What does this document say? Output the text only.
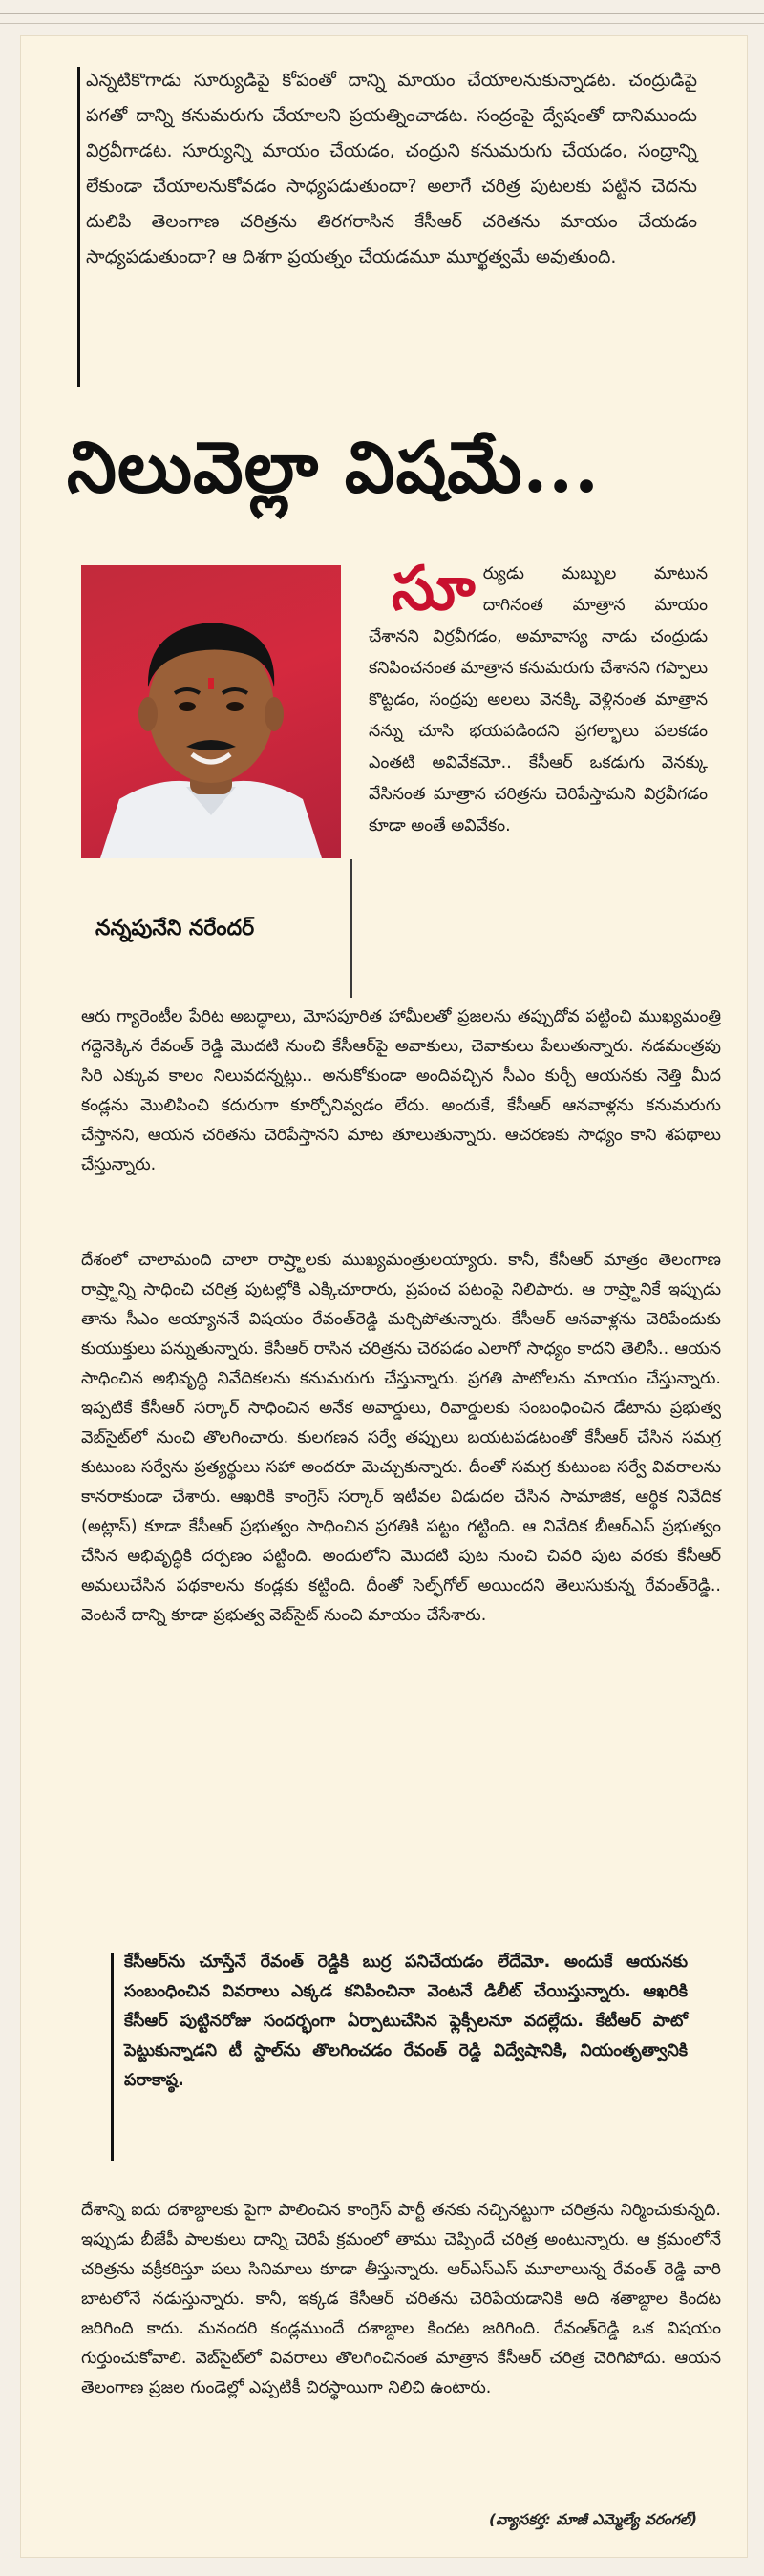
ఎన్నటికొగాడు సూర్యుడిపై కోపంతో దాన్ని మాయం చేయాలనుకున్నాడట. చంద్రుడిపై పగతో దాన్ని కనుమరుగు చేయాలని ప్రయత్నించాడట. సంద్రంపై ద్వేషంతో దానిముందు విర్రవీగాడట. సూర్యున్ని మాయం చేయడం, చంద్రుని కనుమరుగు చేయడం, సంద్రాన్ని లేకుండా చేయాలనుకోవడం సాధ్యపడుతుందా? అలాగే చరిత్ర పుటలకు పట్టిన చెదను దులిపి తెలంగాణ చరిత్రను తిరగరాసిన కేసీఆర్ చరితను మాయం చేయడం సాధ్యపడుతుందా? ఆ దిశగా ప్రయత్నం చేయడమూ మూర్ఖత్వమే అవుతుంది.
నిలువెల్లా విషమే...
నన్నపునేని నరేందర్
సూర్యుడు మబ్బుల మాటున దాగినంత మాత్రాన మాయం చేశానని విర్రవీగడం, అమావాస్య నాడు చంద్రుడు కనిపించనంత మాత్రాన కనుమరుగు చేశానని గప్పాలు కొట్టడం, సంద్రపు అలలు వెనక్కి వెళ్లినంత మాత్రాన నన్ను చూసి భయపడిందని ప్రగల్భాలు పలకడం ఎంతటి అవివేకమో.. కేసీఆర్ ఒకడుగు వెనక్కు వేసినంత మాత్రాన చరిత్రను చెరిపేస్తామని విర్రవీగడం కూడా అంతే అవివేకం.
ఆరు గ్యారెంటీల పేరిట అబద్ధాలు, మోసపూరిత హామీలతో ప్రజలను తప్పుదోవ పట్టించి ముఖ్యమంత్రి గద్దెనెక్కిన రేవంత్ రెడ్డి మొదటి నుంచి కేసీఆర్‌పై అవాకులు, చెవాకులు పేలుతున్నారు. నడమంత్రపు సిరి ఎక్కువ కాలం నిలువదన్నట్లు.. అనుకోకుండా అందివచ్చిన సీఎం కుర్చీ ఆయనకు నెత్తి మీద కండ్లను మొలిపించి కదురుగా కూర్చోనివ్వడం లేదు. అందుకే, కేసీఆర్ ఆనవాళ్లను కనుమరుగు చేస్తానని, ఆయన చరితను చెరిపేస్తానని మాట తూలుతున్నారు. ఆచరణకు సాధ్యం కాని శపథాలు చేస్తున్నారు.
దేశంలో చాలామంది చాలా రాష్ర్టాలకు ముఖ్యమంత్రులయ్యారు. కానీ, కేసీఆర్ మాత్రం తెలంగాణ రాష్ర్టాన్ని సాధించి చరిత్ర పుటల్లోకి ఎక్కిచూరారు, ప్రపంచ పటంపై నిలిపారు. ఆ రాష్ర్టానికే ఇప్పుడు తాను సీఎం అయ్యాననే విషయం రేవంత్‌రెడ్డి మర్చిపోతున్నారు. కేసీఆర్ ఆనవాళ్లను చెరిపేందుకు కుయుక్తులు పన్నుతున్నారు. కేసీఆర్ రాసిన చరిత్రను చెరపడం ఎలాగో సాధ్యం కాదని తెలిసీ.. ఆయన సాధించిన అభివృద్ధి నివేదికలను కనుమరుగు చేస్తున్నారు. ప్రగతి పాటోలను మాయం చేస్తున్నారు. ఇప్పటికే కేసీఆర్ సర్కార్ సాధించిన అనేక అవార్డులు, రివార్డులకు సంబంధించిన డేటాను ప్రభుత్వ వెబ్‌సైట్‌లో నుంచి తొలగించారు. కులగణన సర్వే తప్పులు బయటపడటంతో కేసీఆర్ చేసిన సమగ్ర కుటుంబ సర్వేను ప్రత్యర్థులు సహా అందరూ మెచ్చుకున్నారు. దీంతో సమగ్ర కుటుంబ సర్వే వివరాలను కానరాకుండా చేశారు. ఆఖరికి కాంగ్రెస్ సర్కార్ ఇటీవల విడుదల చేసిన సామాజిక, ఆర్థిక నివేదిక (అట్లాస్) కూడా కేసీఆర్ ప్రభుత్వం సాధించిన ప్రగతికి పట్టం గట్టింది. ఆ నివేదిక బీఆర్‌ఎస్ ప్రభుత్వం చేసిన అభివృద్ధికి దర్పణం పట్టింది. అందులోని మొదటి పుట నుంచి చివరి పుట వరకు కేసీఆర్ అమలుచేసిన పథకాలను కండ్లకు కట్టింది. దీంతో సెల్ఫ్‌గోల్ అయిందని తెలుసుకున్న రేవంత్‌రెడ్డి.. వెంటనే దాన్ని కూడా ప్రభుత్వ వెబ్‌సైట్ నుంచి మాయం చేసేశారు.
కేసీఆర్‌ను చూస్తేనే రేవంత్ రెడ్డికి బుర్ర పనిచేయడం లేదేమో. అందుకే ఆయనకు సంబంధించిన వివరాలు ఎక్కడ కనిపించినా వెంటనే డిలీట్ చేయిస్తున్నారు. ఆఖరికి కేసీఆర్ పుట్టినరోజు సందర్భంగా ఏర్పాటుచేసిన ఫ్లెక్సీలనూ వదల్లేదు. కేటీఆర్ పాటో పెట్టుకున్నాడని టీ స్టాల్‌ను తొలగించడం రేవంత్ రెడ్డి విద్వేషానికి, నియంతృత్వానికి పరాకాష్ఠ.
దేశాన్ని ఐదు దశాబ్దాలకు పైగా పాలించిన కాంగ్రెస్ పార్టీ తనకు నచ్చినట్టుగా చరిత్రను నిర్మించుకున్నది. ఇప్పుడు బీజేపీ పాలకులు దాన్ని చెరిపే క్రమంలో తాము చెప్పిందే చరిత్ర అంటున్నారు. ఆ క్రమంలోనే చరిత్రను వక్రీకరిస్తూ పలు సినిమాలు కూడా తీస్తున్నారు. ఆర్‌ఎస్‌ఎస్ మూలాలున్న రేవంత్ రెడ్డి వారి బాటలోనే నడుస్తున్నారు. కానీ, ఇక్కడ కేసీఆర్ చరితను చెరిపేయడానికి అది శతాబ్దాల కిందట జరిగింది కాదు. మనందరి కండ్లముందే దశాబ్దాల కిందట జరిగింది. రేవంత్‌రెడ్డి ఒక విషయం గుర్తుంచుకోవాలి. వెబ్‌సైట్‌లో వివరాలు తొలగించినంత మాత్రాన కేసీఆర్ చరిత్ర చెరిగిపోదు. ఆయన తెలంగాణ ప్రజల గుండెల్లో ఎప్పటికీ చిరస్థాయిగా నిలిచి ఉంటారు.
(వ్యాసకర్త: మాజీ ఎమ్మెల్యే వరంగల్)
